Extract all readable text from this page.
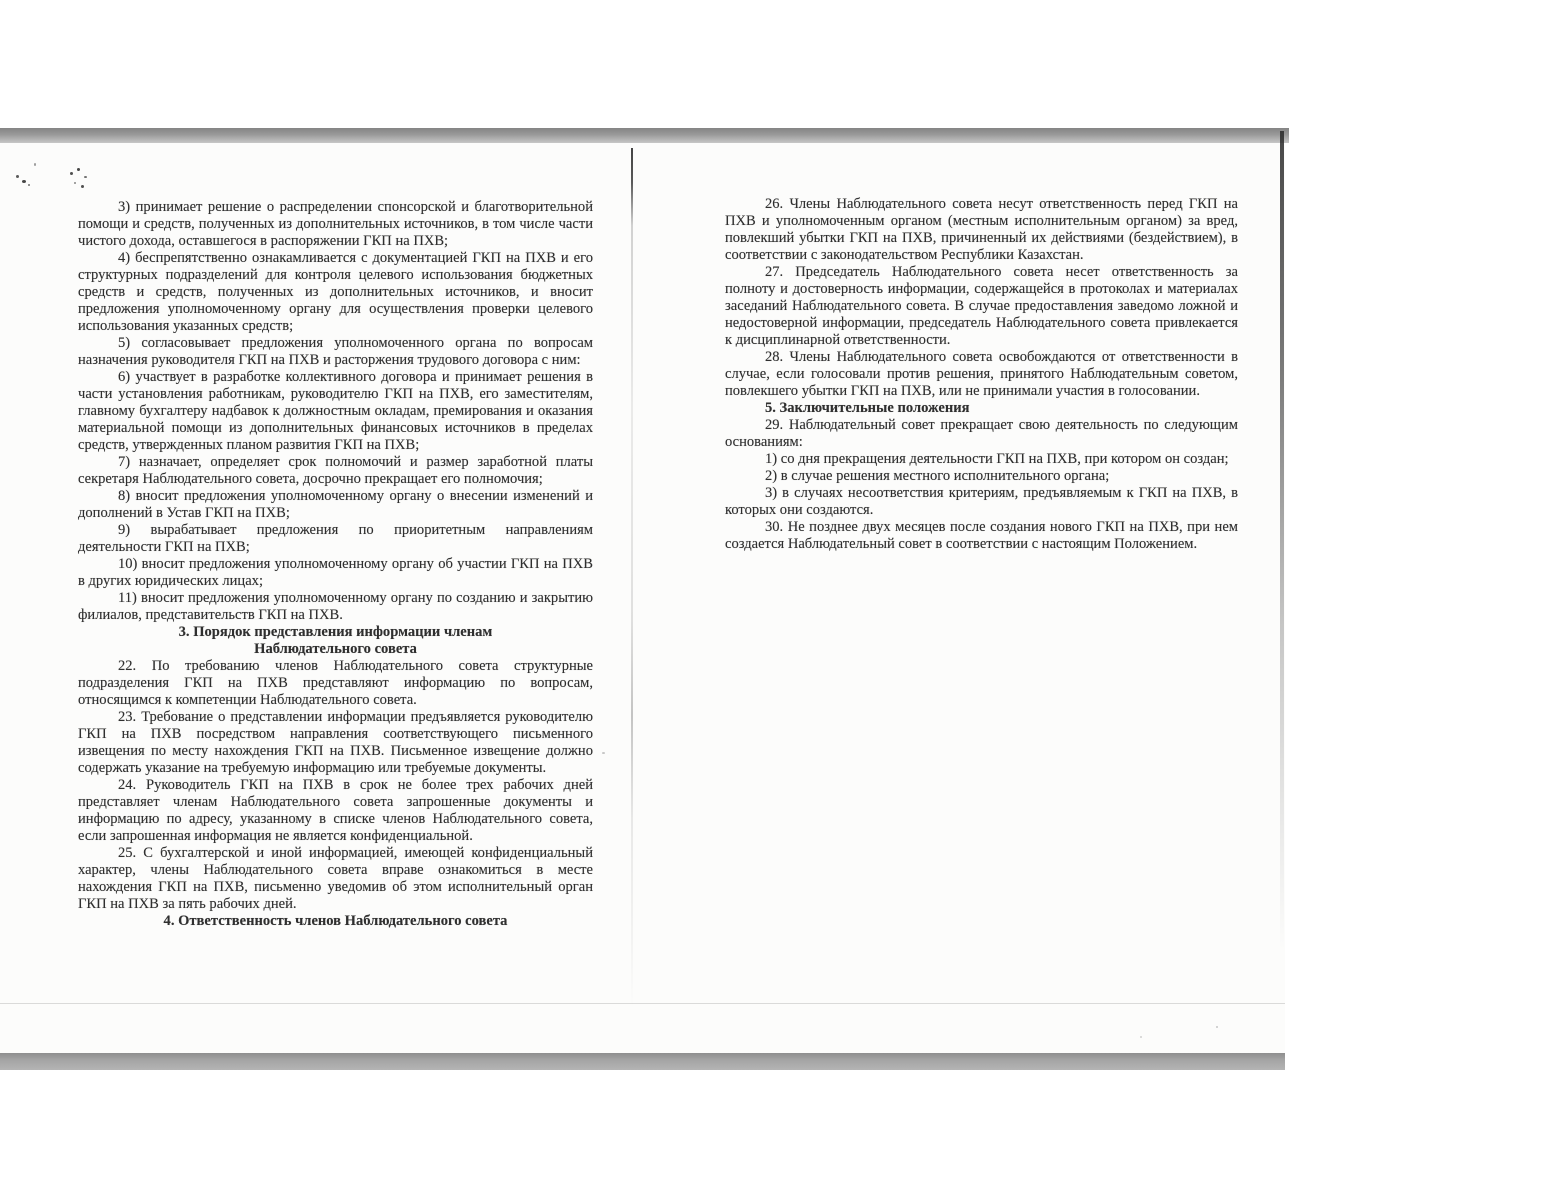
3) принимает решение о распределении спонсорской и благотворительной помощи и средств, полученных из дополнительных источников, в том числе части чистого дохода, оставшегося в распоряжении ГКП на ПХВ;

4) беспрепятственно ознакамливается с документацией ГКП на ПХВ и его структурных подразделений для контроля целевого использования бюджетных средств и средств, полученных из дополнительных источников, и вносит предложения уполномоченному органу для осуществления проверки целевого использования указанных средств;

5) согласовывает предложения уполномоченного органа по вопросам назначения руководителя ГКП на ПХВ и расторжения трудового договора с ним:

6) участвует в разработке коллективного договора и принимает решения в части установления работникам, руководителю ГКП на ПХВ, его заместителям, главному бухгалтеру надбавок к должностным окладам, премирования и оказания материальной помощи из дополнительных финансовых источников в пределах средств, утвержденных планом развития ГКП на ПХВ;

7) назначает, определяет срок полномочий и размер заработной платы секретаря Наблюдательного совета, досрочно прекращает его полномочия;

8) вносит предложения уполномоченному органу о внесении изменений и дополнений в Устав ГКП на ПХВ;

9) вырабатывает предложения по приоритетным направлениям деятельности ГКП на ПХВ;

10) вносит предложения уполномоченному органу об участии ГКП на ПХВ в других юридических лицах;

11) вносит предложения уполномоченному органу по созданию и закрытию филиалов, представительств ГКП на ПХВ.

3. Порядок представления информации членам
Наблюдательного совета

22. По требованию членов Наблюдательного совета структурные подразделения ГКП на ПХВ представляют информацию по вопросам, относящимся к компетенции Наблюдательного совета.

23. Требование о представлении информации предъявляется руководителю ГКП на ПХВ посредством направления соответствующего письменного извещения по месту нахождения ГКП на ПХВ. Письменное извещение должно содержать указание на требуемую информацию или требуемые документы.

24. Руководитель ГКП на ПХВ в срок не более трех рабочих дней представляет членам Наблюдательного совета запрошенные документы и информацию по адресу, указанному в списке членов Наблюдательного совета, если запрошенная информация не является конфиденциальной.

25. С бухгалтерской и иной информацией, имеющей конфиденциальный характер, члены Наблюдательного совета вправе ознакомиться в месте нахождения ГКП на ПХВ, письменно уведомив об этом исполнительный орган ГКП на ПХВ за пять рабочих дней.

4. Ответственность членов Наблюдательного совета

26. Члены Наблюдательного совета несут ответственность перед ГКП на ПХВ и уполномоченным органом (местным исполнительным органом) за вред, повлекший убытки ГКП на ПХВ, причиненный их действиями (бездействием), в соответствии с законодательством Республики Казахстан.

27. Председатель Наблюдательного совета несет ответственность за полноту и достоверность информации, содержащейся в протоколах и материалах заседаний Наблюдательного совета. В случае предоставления заведомо ложной и недостоверной информации, председатель Наблюдательного совета привлекается к дисциплинарной ответственности.

28. Члены Наблюдательного совета освобождаются от ответственности в случае, если голосовали против решения, принятого Наблюдательным советом, повлекшего убытки ГКП на ПХВ, или не принимали участия в голосовании.

5. Заключительные положения

29. Наблюдательный совет прекращает свою деятельность по следующим основаниям:

1) со дня прекращения деятельности ГКП на ПХВ, при котором он создан;

2) в случае решения местного исполнительного органа;

3) в случаях несоответствия критериям, предъявляемым к ГКП на ПХВ, в которых они создаются.

30. Не позднее двух месяцев после создания нового ГКП на ПХВ, при нем создается Наблюдательный совет в соответствии с настоящим Положением.
